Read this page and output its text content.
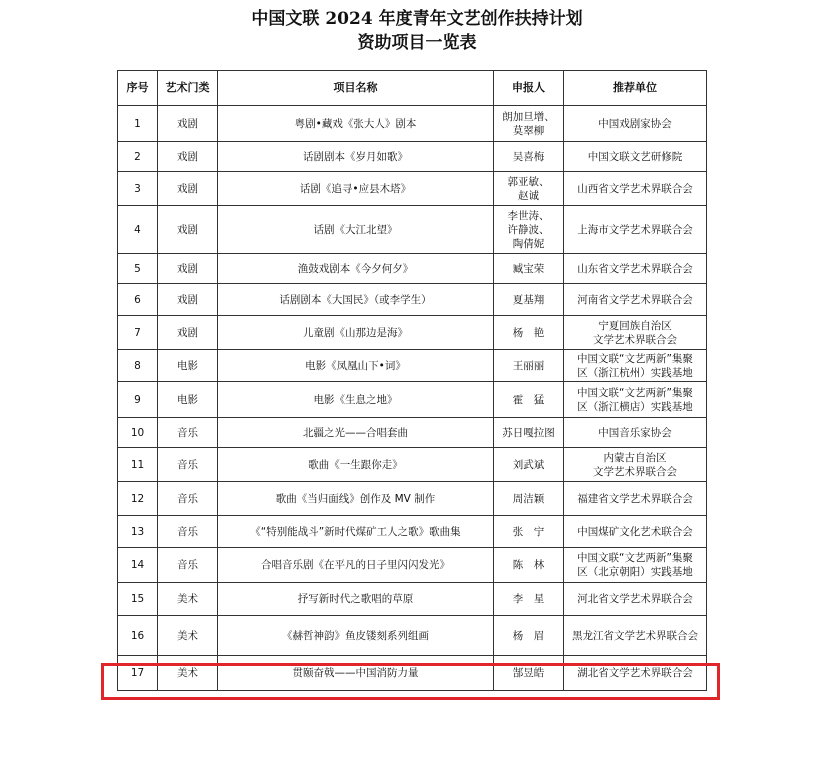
中国文联 2024 年度青年文艺创作扶持计划
资助项目一览表
序号	艺术门类	项目名称	申报人	推荐单位
1	戏剧	粤剧•藏戏《张大人》剧本	朗加旦增、
莫翠柳	中国戏剧家协会
2	戏剧	话剧剧本《岁月如歌》	吴喜梅	中国文联文艺研修院
3	戏剧	话剧《追寻•应县木塔》	郭亚敏、
赵诚	山西省文学艺术界联合会
4	戏剧	话剧《大江北望》	李世涛、
许静波、
陶倩妮	上海市文学艺术界联合会
5	戏剧	渔鼓戏剧本《今夕何夕》	臧宝荣	山东省文学艺术界联合会
6	戏剧	话剧剧本《大国民》（或李学生）	夏基翔	河南省文学艺术界联合会
7	戏剧	儿童剧《山那边是海》	杨　艳	宁夏回族自治区
文学艺术界联合会
8	电影	电影《凤凰山下•词》	王丽丽	中国文联“文艺两新”集聚
区（浙江杭州）实践基地
9	电影	电影《生息之地》	霍　猛	中国文联“文艺两新”集聚
区（浙江横店）实践基地
10	音乐	北疆之光——合唱套曲	苏日嘎拉图	中国音乐家协会
11	音乐	歌曲《一生跟你走》	刘武斌	内蒙古自治区
文学艺术界联合会
12	音乐	歌曲《当归面线》创作及 MV 制作	周洁颖	福建省文学艺术界联合会
13	音乐	《“特别能战斗”新时代煤矿工人之歌》歌曲集	张　宁	中国煤矿文化艺术联合会
14	音乐	合唱音乐剧《在平凡的日子里闪闪发光》	陈　林	中国文联“文艺两新”集聚
区（北京朝阳）实践基地
15	美术	抒写新时代之歌唱的草原	李　星	河北省文学艺术界联合会
16	美术	《赫哲神韵》鱼皮镂刻系列组画	杨　眉	黑龙江省文学艺术界联合会
17	美术	贯颐奋戟——中国消防力量	郜昱皓	湖北省文学艺术界联合会
